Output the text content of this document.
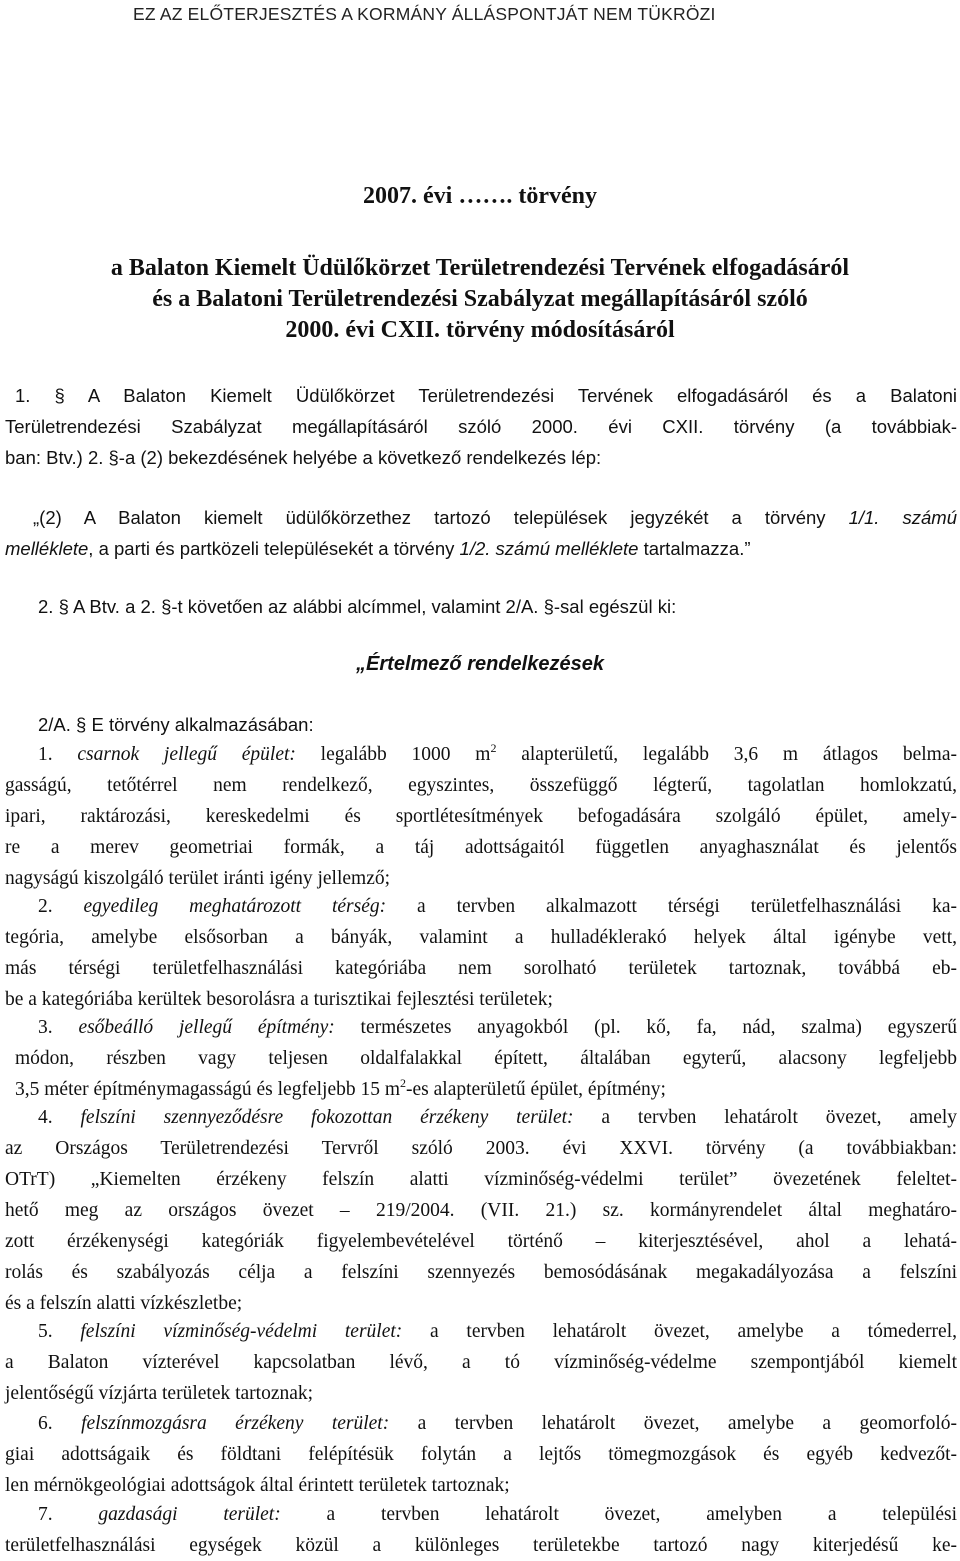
EZ AZ ELŐTERJESZTÉS A KORMÁNY ÁLLÁSPONTJÁT NEM TÜKRÖZI
2007. évi ……. törvény
a Balaton Kiemelt Üdülőkörzet Területrendezési Tervének elfogadásáról
és a Balatoni Területrendezési Szabályzat megállapításáról szóló
2000. évi CXII. törvény módosításáról
1. § A Balaton Kiemelt Üdülőkörzet Területrendezési Tervének elfogadásáról és a Balatoni
Területrendezési Szabályzat megállapításáról szóló 2000. évi CXII. törvény (a továbbiak-
ban: Btv.) 2. §-a (2) bekezdésének helyébe a következő rendelkezés lép:
„(2) A Balaton kiemelt üdülőkörzethez tartozó települések jegyzékét a törvény 1/1. számú
melléklete, a parti és partközeli településekét a törvény 1/2. számú melléklete tartalmazza.”
2. § A Btv. a 2. §-t követően az alábbi alcímmel, valamint 2/A. §-sal egészül ki:
„Értelmező rendelkezések
2/A. § E törvény alkalmazásában:
1. csarnok jellegű épület: legalább 1000 $m^2$ alapterületű, legalább 3,6 m átlagos belma-
gasságú, tetőtérrel nem rendelkező, egyszintes, összefüggő légterű, tagolatlan homlokzatú,
ipari, raktározási, kereskedelmi és sportlétesítmények befogadására szolgáló épület, amely-
re a merev geometriai formák, a táj adottságaitól független anyaghasználat és jelentős
nagyságú kiszolgáló terület iránti igény jellemző;
2. egyedileg meghatározott térség: a tervben alkalmazott térségi területfelhasználási ka-
tegória, amelybe elsősorban a bányák, valamint a hulladéklerakó helyek által igénybe vett,
más térségi területfelhasználási kategóriába nem sorolható területek tartoznak, továbbá eb-
be a kategóriába kerültek besorolásra a turisztikai fejlesztési területek;
3. esőbeálló jellegű építmény: természetes anyagokból (pl. kő, fa, nád, szalma) egyszerű
módon, részben vagy teljesen oldalfalakkal épített, általában egyterű, alacsony legfeljebb
3,5 méter építménymagasságú és legfeljebb 15 $m^2-es$ alapterületű épület, építmény;
4. felszíni szennyeződésre fokozottan érzékeny terület: a tervben lehatárolt övezet, amely
az Országos Területrendezési Tervről szóló 2003. évi XXVI. törvény (a továbbiakban:
OTrT) „Kiemelten érzékeny felszín alatti vízminőség-védelmi terület” övezetének feleltet-
hető meg az országos övezet – 219/2004. (VII. 21.) sz. kormányrendelet által meghatáro-
zott érzékenységi kategóriák figyelembevételével történő – kiterjesztésével, ahol a lehatá-
rolás és szabályozás célja a felszíni szennyezés bemosódásának megakadályozása a felszíni
és a felszín alatti vízkészletbe;
5. felszíni vízminőség-védelmi terület: a tervben lehatárolt övezet, amelybe a tómederrel,
a Balaton vízterével kapcsolatban lévő, a tó vízminőség-védelme szempontjából kiemelt
jelentőségű vízjárta területek tartoznak;
6. felszínmozgásra érzékeny terület: a tervben lehatárolt övezet, amelybe a geomorfoló-
giai adottságaik és földtani felépítésük folytán a lejtős tömegmozgások és egyéb kedvezőt-
len mérnökgeológiai adottságok által érintett területek tartoznak;
7. gazdasági terület: a tervben lehatárolt övezet, amelyben a települési
területfelhasználási egységek közül a különleges területekbe tartozó nagy kiterjedésű ke-
